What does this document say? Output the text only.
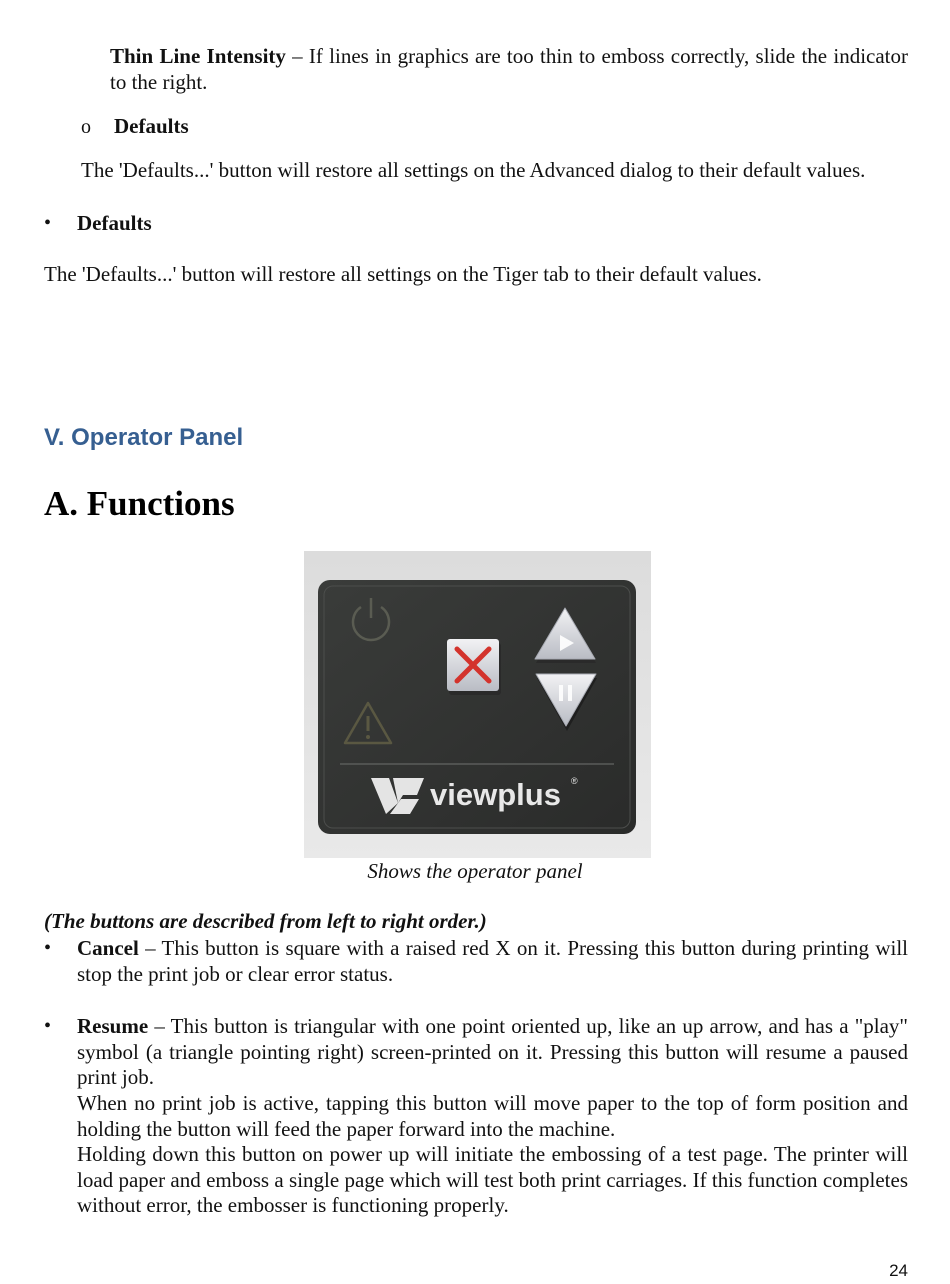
Thin Line Intensity – If lines in graphics are too thin to emboss correctly, slide the indicator to the right.

o Defaults

The 'Defaults...' button will restore all settings on the Advanced dialog to their default values.

• Defaults

The 'Defaults...' button will restore all settings on the Tiger tab to their default values.

V. Operator Panel
A. Functions
viewplus ®
Shows the operator panel

(The buttons are described from left to right order.)

• Cancel – This button is square with a raised red X on it. Pressing this button during printing will stop the print job or clear error status.

• Resume – This button is triangular with one point oriented up, like an up arrow, and has a "play" symbol (a triangle pointing right) screen-printed on it. Pressing this button will resume a paused print job.

When no print job is active, tapping this button will move paper to the top of form position and holding the button will feed the paper forward into the machine.

Holding down this button on power up will initiate the embossing of a test page. The printer will load paper and emboss a single page which will test both print carriages. If this function completes without error, the embosser is functioning properly.

24
